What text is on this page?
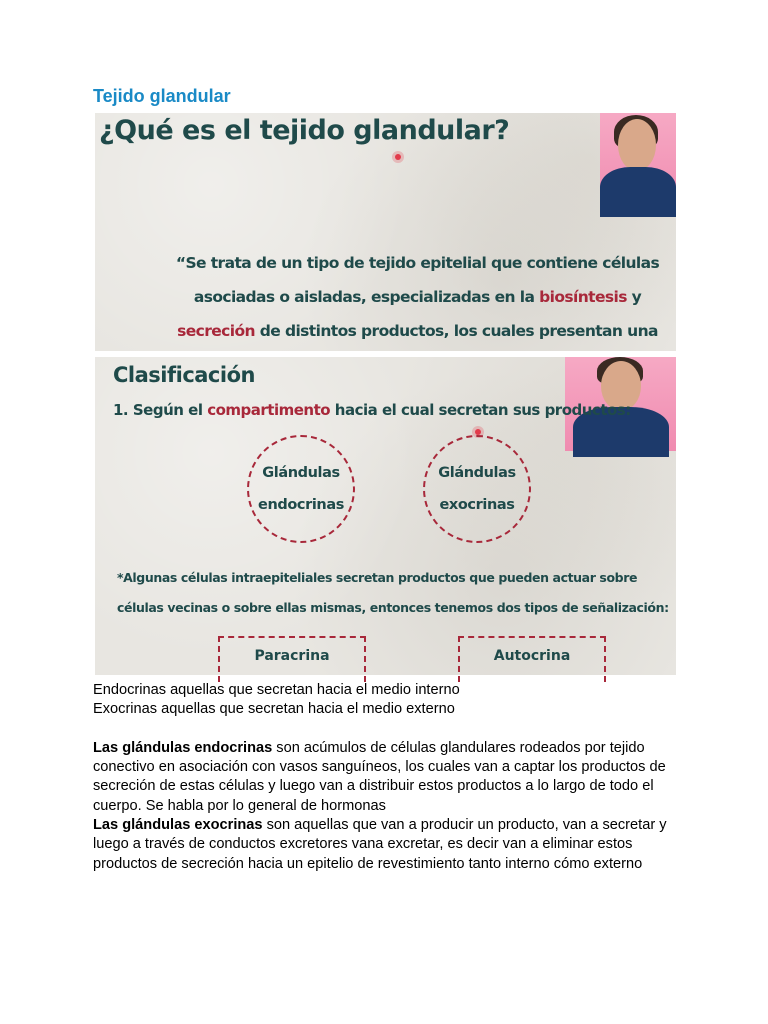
Tejido glandular
¿Qué es el tejido glandular?
“Se trata de un tipo de tejido epitelial que contiene células asociadas o aisladas, especializadas en la biosíntesis y secreción de distintos productos, los cuales presentan una
Clasificación
1. Según el compartimento hacia el cual secretan sus productos:
Glándulas
endocrinas
Glándulas
exocrinas
*Algunas células intraepiteliales secretan productos que pueden actuar sobre células vecinas o sobre ellas mismas, entonces tenemos dos tipos de señalización:
Paracrina	Autocrina

Endocrinas aquellas que secretan hacia el medio interno

Exocrinas aquellas que secretan hacia el medio externo

Las glándulas endocrinas son acúmulos de células glandulares rodeados por tejido conectivo en asociación con vasos sanguíneos, los cuales van a captar los productos de secreción de estas células y luego van a distribuir estos productos a lo largo de todo el cuerpo. Se habla por lo general de hormonas

Las glándulas exocrinas son aquellas que van a producir un producto, van a secretar y luego a través de conductos excretores vana excretar, es decir van a eliminar estos productos de secreción hacia un epitelio de revestimiento tanto interno cómo externo
